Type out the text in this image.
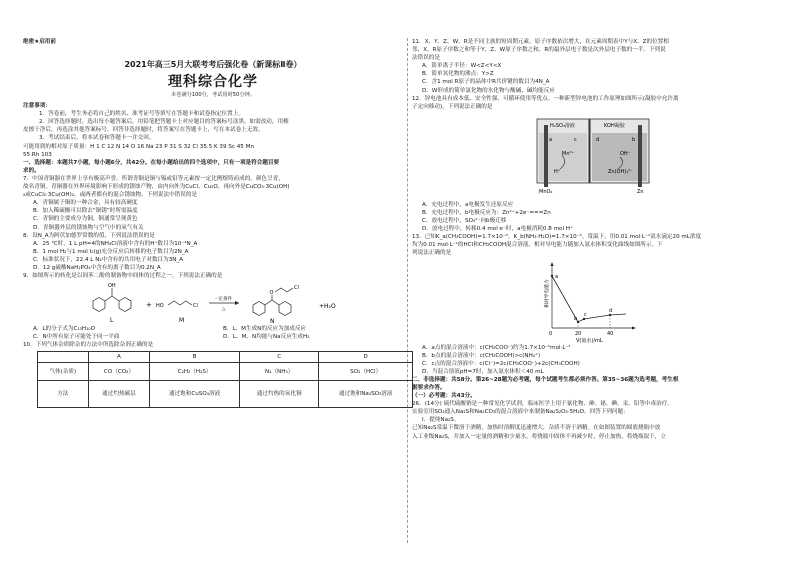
绝密★启用前
2021年高三5月大联考考后强化卷（新课标Ⅱ卷）
理科综合化学
本卷满分100分，考试用时50分钟。
注意事项：
1．答卷前，考生务必将自己的姓名、准考证号等填写在答题卡和试卷指定位置上。
2．回答选择题时，选出每小题答案后，用铅笔把答题卡上对应题目的答案标号涂黑。如需改动，用橡
皮擦干净后，再选涂其他答案标号。回答非选择题时，将答案写在答题卡上，写在本试卷上无效。
3．考试结束后，将本试卷和答题卡一并交回。
可能用到的相对原子质量：H 1 C 12 N 14 O 16 Na 23 P 31 S 32 Cl 35.5 K 39 Sc 45 Mn
55 Rh 103
一、选择题：本题共7小题，每小题6分，共42分。在每小题给出的四个选项中，只有一项是符合题目要
求的。
7．中国青铜器在世界上享有极高声誉。所谓青铜是铜与锡或铅等元素按一定比例熔铸而成的，颜色呈青，
故名青铜。青铜器在外界环境影响下形成的锈蚀产物，由内向外为CuCl、Cu₂O，再向外是CuCO₃·3Cu(OH)
₂或CuCl₂·3Cu(OH)₂，或两者都有的混合锈蚀物。下列说法中错误的是
A．青铜属于铜的一种合金，具有较高硬度
B．加入稀硫酸可以除去“铜锈”时所需温度
C．青铜的主要成分为铜，铜通常呈现黄色
D．青铜器外层的锈蚀物与空气中的氧气有关
8．设N_A为阿伏加德罗常数的值，下列说法错误的是
A．25 ℃时，1 L pH=4的NH₄Cl溶液中含有的H⁺数目为10⁻⁴N_A
B．1 mol H₂与1 mol I₂(g)充分反应后转移的电子数目为2N_A
C．标准状况下，22.4 L N₂中含有的共用电子对数目为3N_A
D．12 g硫酸NaH₂PO₄中含有的离子数目为0.2N_A
9．如图所示的转化是以间苯二酚的制备物中间体的过程之一，下列说法正确的是
OH
L
+ HO	Cl
M
一定条件
△
O
Cl
N
+H₂O
A．L的分子式为C₁₃H₁₀O	B．L、M生成N的反应为加成反应
C．N中所有原子可能处于同一平面	D．L、M、N均能与Na反应生成H₂
10．下列气体杂质除杂的方法中所选除杂剂正确的是
	A	B	C	D
气体(杂质)	CO（CO₂）	C₂H₂（H₂S）	N₂（NH₃）	SO₂（HCl）
方法	通过灼热碳层	通过饱和CuSO₄溶液	通过灼热的氧化铜	通过饱和Na₂SO₃溶液
11．X、Y、Z、W、R是不同主族的短周期元素，原子序数依次增大，在元素周期表中Y与X、Z的位置相
邻，X、R原子序数之和等于Y、Z、W原子序数之和，R的最外层电子数是次外层电子数的一半。下列说
法错误的是
A．简单离子半径：W<Z<Y<X
B．简单氢化物的沸点：Y>Z
C．含1 mol R原子的晶体中R共价键的数目为4N_A
D．W形成的简单氯化物的水化物与酸碱、碱均能反应
12．锌电池具有成本低、安全性强、可循环使用等优点。一种新型锌电池的工作原理如图所示(凝胶中允许离
子定向移动)。下列说法正确的是
H₂SO₄溶液	KOH凝胶
a	b
c	d
Mn²⁺
H⁺
OH⁻
Zn(OH)₄²⁻
MnO₂	Zn
A．充电过程中，a电极发生还原反应
B．充电过程中，b电极反应为：Zn²⁺+2e⁻===Zn
C．放电过程中，SO₄²⁻向b极迁移
D．放电过程中，转移0.4 mol e⁻时，a电极消耗0.8 mol H⁺
13．已知K_a(CH₃COOH)=1.7×10⁻⁵，K_b(NH₃·H₂O)=1.7×10⁻⁵。常温下，用0.01 mol·L⁻¹氨水滴定20 mL浓度
均为0.01 mol·L⁻¹的HCl和CH₃COOH混合溶液，相对导电能力随加入氨水体积变化曲线如图所示。下
列说法正确的是
相对导电能力
a
b
c
d
0	20	40
V(氨水)/mL
A．a点的混合溶液中：c(CH₃COO⁻)约为1.7×10⁻⁵mol·L⁻¹
B．b点的混合溶液中：c(CH₃COOH)>c(NH₄⁺)
C．c点的混合溶液中：c(Cl⁻)=2c(CH₃COO⁻)+2c(CH₃COOH)
D．当混合溶液pH=7时，加入氨水体积＜40 mL
二、非选择题：共58分。第26~28题为必考题，每个试题考生都必须作答。第35~36题为选考题，考生根
据要求作答。
（一）必考题：共43分。
26．(14分) 硫代硫酸钠是一种常见化学试剂，临床医学上用于氰化物、砷、铋、碘、汞、铅等中毒治疗。
实验室用SO₂通入Na₂S和Na₂CO₃的混合溶液中来制备Na₂S₂O₃·5H₂O。回答下列问题：
Ⅰ．提纯Na₂S。
已知Na₂S常温下微溶于酒精，加热时溶解度迅速增大，杂质不溶于酒精。在如图装置的圆底烧瓶中放
入工业级Na₂S，并加入一定量的酒精和少量水。将烧瓶中固体不再减少时，停止加热，将烧瓶取下，立
